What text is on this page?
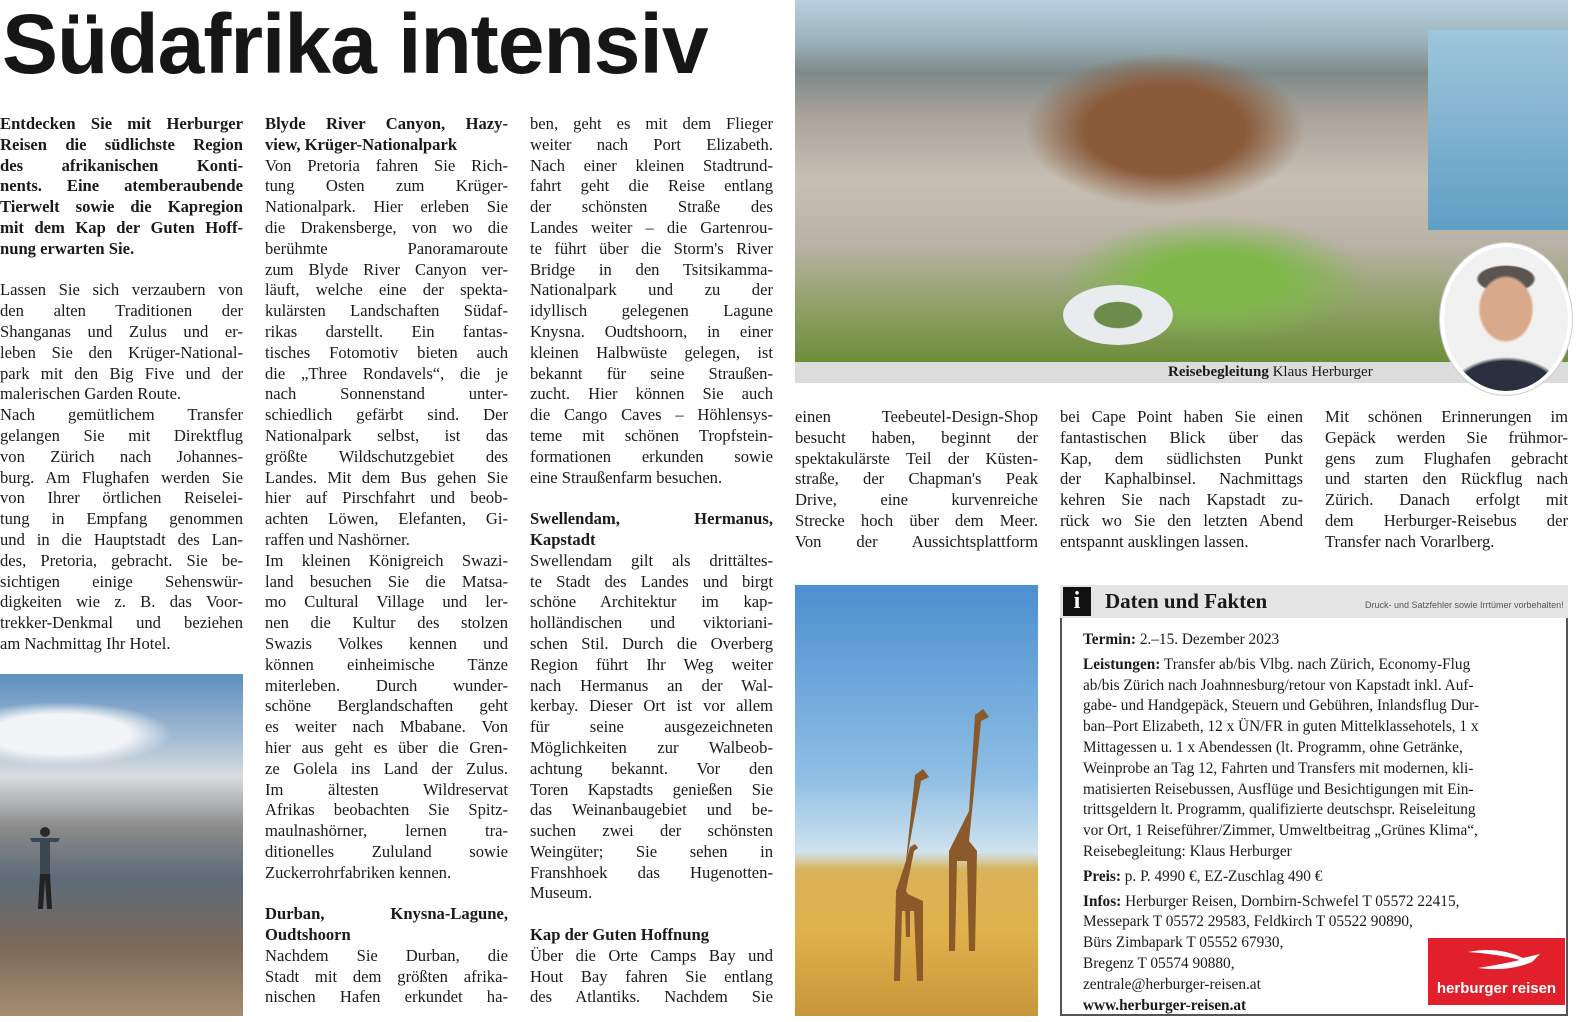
Südafrika intensiv
Reisebegleitung Klaus Herburger
Entdecken Sie mit Herburger
Reisen die südlichste Region
des afrikanischen Konti-
nents. Eine atemberaubende
Tierwelt sowie die Kapregion
mit dem Kap der Guten Hoff-
nung erwarten Sie.
Lassen Sie sich verzaubern von
den alten Traditionen der
Shanganas und Zulus und er-
leben Sie den Krüger-National-
park mit den Big Five und der
malerischen Garden Route.
Nach gemütlichem Transfer
gelangen Sie mit Direktflug
von Zürich nach Johannes-
burg. Am Flughafen werden Sie
von Ihrer örtlichen Reiselei-
tung in Empfang genommen
und in die Hauptstadt des Lan-
des, Pretoria, gebracht. Sie be-
sichtigen einige Sehenswür-
digkeiten wie z. B. das Voor-
trekker-Denkmal und beziehen
am Nachmittag Ihr Hotel.
Blyde River Canyon, Hazy-
view, Krüger-Nationalpark
Von Pretoria fahren Sie Rich-
tung Osten zum Krüger-
Nationalpark. Hier erleben Sie
die Drakensberge, von wo die
berühmte Panoramaroute
zum Blyde River Canyon ver-
läuft, welche eine der spekta-
kulärsten Landschaften Südaf-
rikas darstellt. Ein fantas-
tisches Fotomotiv bieten auch
die „Three Rondavels“, die je
nach Sonnenstand unter-
schiedlich gefärbt sind. Der
Nationalpark selbst, ist das
größte Wildschutzgebiet des
Landes. Mit dem Bus gehen Sie
hier auf Pirschfahrt und beob-
achten Löwen, Elefanten, Gi-
raffen und Nashörner.
Im kleinen Königreich Swazi-
land besuchen Sie die Matsa-
mo Cultural Village und ler-
nen die Kultur des stolzen
Swazis Volkes kennen und
können einheimische Tänze
miterleben. Durch wunder-
schöne Berglandschaften geht
es weiter nach Mbabane. Von
hier aus geht es über die Gren-
ze Golela ins Land der Zulus.
Im ältesten Wildreservat
Afrikas beobachten Sie Spitz-
maulnashörner, lernen tra-
ditionelles Zululand sowie
Zuckerrohrfabriken kennen.
Durban, Knysna-Lagune,
Oudtshoorn
Nachdem Sie Durban, die
Stadt mit dem größten afrika-
nischen Hafen erkundet ha-
ben, geht es mit dem Flieger
weiter nach Port Elizabeth.
Nach einer kleinen Stadtrund-
fahrt geht die Reise entlang
der schönsten Straße des
Landes weiter – die Gartenrou-
te führt über die Storm's River
Bridge in den Tsitsikamma-
Nationalpark und zu der
idyllisch gelegenen Lagune
Knysna. Oudtshoorn, in einer
kleinen Halbwüste gelegen, ist
bekannt für seine Straußen-
zucht. Hier können Sie auch
die Cango Caves – Höhlensys-
teme mit schönen Tropfstein-
formationen erkunden sowie
eine Straußenfarm besuchen.
Swellendam, Hermanus,
Kapstadt
Swellendam gilt als drittältes-
te Stadt des Landes und birgt
schöne Architektur im kap-
holländischen und viktoriani-
schen Stil. Durch die Overberg
Region führt Ihr Weg weiter
nach Hermanus an der Wal-
kerbay. Dieser Ort ist vor allem
für seine ausgezeichneten
Möglichkeiten zur Walbeob-
achtung bekannt. Vor den
Toren Kapstadts genießen Sie
das Weinanbaugebiet und be-
suchen zwei der schönsten
Weingüter; Sie sehen in
Franshhoek das Hugenotten-
Museum.
Kap der Guten Hoffnung
Über die Orte Camps Bay und
Hout Bay fahren Sie entlang
des Atlantiks. Nachdem Sie
einen Teebeutel-Design-Shop
besucht haben, beginnt der
spektakulärste Teil der Küsten-
straße, der Chapman's Peak
Drive, eine kurvenreiche
Strecke hoch über dem Meer.
Von der Aussichtsplattform
bei Cape Point haben Sie einen
fantastischen Blick über das
Kap, dem südlichsten Punkt
der Kaphalbinsel. Nachmittags
kehren Sie nach Kapstadt zu-
rück wo Sie den letzten Abend
entspannt ausklingen lassen.
Mit schönen Erinnerungen im
Gepäck werden Sie frühmor-
gens zum Flughafen gebracht
und starten den Rückflug nach
Zürich. Danach erfolgt mit
dem Herburger-Reisebus der
Transfer nach Vorarlberg.
i	Daten und Fakten	Druck- und Satzfehler sowie Irrtümer vorbehalten!
Termin: 2.–15. Dezember 2023
Leistungen: Transfer ab/bis Vlbg. nach Zürich, Economy-Flug
ab/bis Zürich nach Joahnnesburg/retour von Kapstadt inkl. Auf-
gabe- und Handgepäck, Steuern und Gebühren, Inlandsflug Dur-
ban–Port Elizabeth, 12 x ÜN/FR in guten Mittelklassehotels, 1 x
Mittagessen u. 1 x Abendessen (lt. Programm, ohne Getränke,
Weinprobe an Tag 12, Fahrten und Transfers mit modernen, kli-
matisierten Reisebussen, Ausflüge und Besichtigungen mit Ein-
trittsgeldern lt. Programm, qualifizierte deutschspr. Reiseleitung
vor Ort, 1 Reiseführer/Zimmer, Umweltbeitrag „Grünes Klima“,
Reisebegleitung: Klaus Herburger
Preis: p. P. 4990 €, EZ-Zuschlag 490 €
Infos: Herburger Reisen, Dornbirn-Schwefel T 05572 22415,
Messepark T 05572 29583, Feldkirch T 05522 90890,
Bürs Zimbapark T 05552 67930,
Bregenz T 05574 90880,
zentrale@herburger-reisen.at
www.herburger-reisen.at
herburger reisen
